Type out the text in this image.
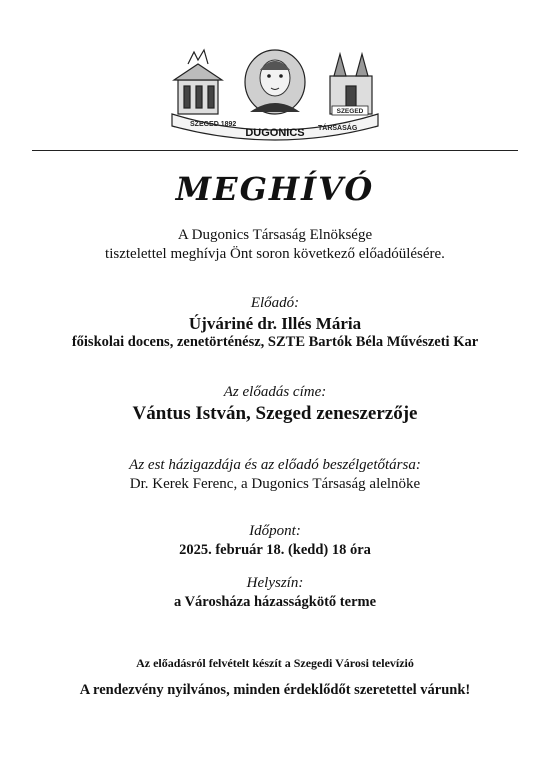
SZEGED 1892
TÁRSASÁG
DUGONICS
SZEGED
MEGHÍVÓ
A Dugonics Társaság Elnöksége
tisztelettel meghívja Önt soron következő előadóülésére.
Előadó:
Újváriné dr. Illés Mária
főiskolai docens, zenetörténész, SZTE Bartók Béla Művészeti Kar
Az előadás címe:
Vántus István, Szeged zeneszerzője
Az est házigazdája és az előadó beszélgetőtársa:
Dr. Kerek Ferenc, a Dugonics Társaság alelnöke
Időpont:
2025. február 18. (kedd) 18 óra
Helyszín:
a Városháza házasságkötő terme
Az előadásról felvételt készít a Szegedi Városi televízió
A rendezvény nyilvános, minden érdeklődőt szeretettel várunk!
